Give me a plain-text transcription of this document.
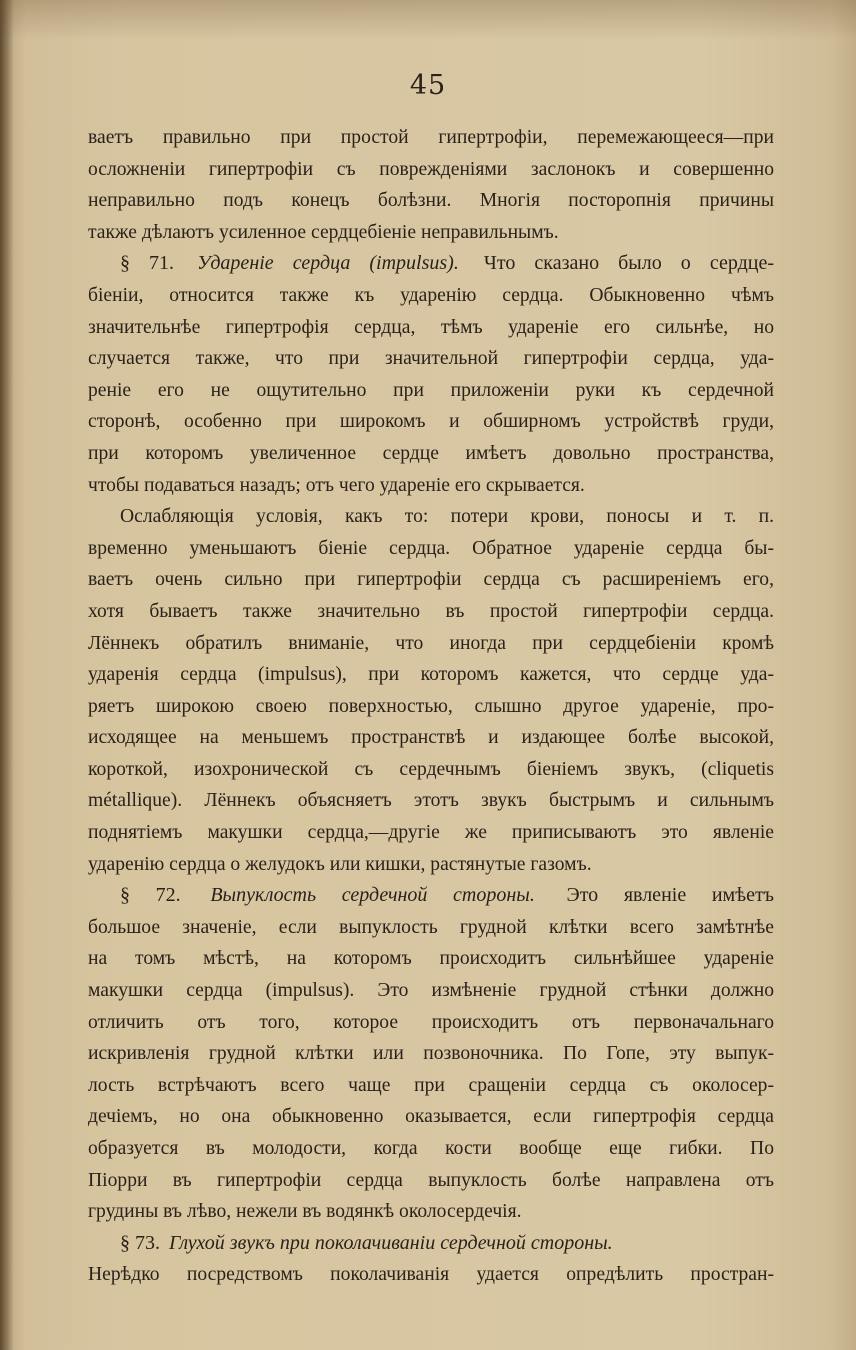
45
ваетъ правильно при простой гипертрофіи, перемежающееся—при
осложненіи гипертрофіи съ повреждeніями заслонокъ и совершенно
неправильно подъ конецъ болѣзни. Многія посторопнія причины
также дѣлаютъ усиленное сердцебіеніе неправильнымъ.
§ 71. Удареніе сердца (impulsus). Что сказано было о сердце-
біеніи, относится также къ ударенію сердца. Обыкновенно чѣмъ
значительнѣе гипертрофія сердца, тѣмъ удареніе его сильнѣе, но
случается также, что при значительной гипертрофіи сердца, уда-
реніе его не ощутительно при приложеніи руки къ сердечной
сторонѣ, особенно при широкомъ и обширномъ устройствѣ груди,
при которомъ увеличенное сердце имѣетъ довольно пространства,
чтобы подаваться назадъ; отъ чего удареніе его скрывается.
Ослабляющія условія, какъ то: потери крови, поносы и т. п.
временно уменьшаютъ біеніе сердца. Обратное удареніе сердца бы-
ваетъ очень сильно при гипертрофіи сердца съ расширеніемъ его,
хотя бываетъ также значительно въ простой гипертрофіи сердца.
Лённекъ обратилъ вниманіе, что иногда при сердцебіеніи кромѣ
ударенія сердца (impulsus), при которомъ кажется, что сердце уда-
ряетъ широкою своею поверхностью, слышно другое удареніе, про-
исходящее на меньшемъ пространствѣ и издающее болѣе высокой,
короткой, изохронической съ сердечнымъ біеніемъ звукъ, (cliquetis
métallique). Лённекъ объясняетъ этотъ звукъ быстрымъ и сильнымъ
поднятіемъ макушки сердца,—другіе же приписываютъ это явленіе
ударенію сердца о желудокъ или кишки, растянутые газомъ.
§ 72. Выпуклость сердечной стороны. Это явленіе имѣетъ
большое значеніе, если выпуклость грудной клѣтки всего замѣтнѣе
на томъ мѣстѣ, на которомъ происходитъ сильнѣйшее удареніе
макушки сердца (impulsus). Это измѣненіе грудной стѣнки должно
отличить отъ того, которое происходитъ отъ первоначальнаго
искривленія грудной клѣтки или позвоночника. По Гопе, эту выпук-
лость встрѣчаютъ всего чаще при сращеніи сердца съ околосер-
дечіемъ, но она обыкновенно оказывается, если гипертрофія сердца
образуется въ молодости, когда кости вообще еще гибки. По
Піорри въ гипертрофіи сердца выпуклость болѣе направлена отъ
грудины въ лѣво, нежели въ водянкѣ околосердечія.
§ 73. Глухой звукъ при поколачиваніи сердечной стороны.
Нерѣдко посредствомъ поколачиванія удается опредѣлить простран-
